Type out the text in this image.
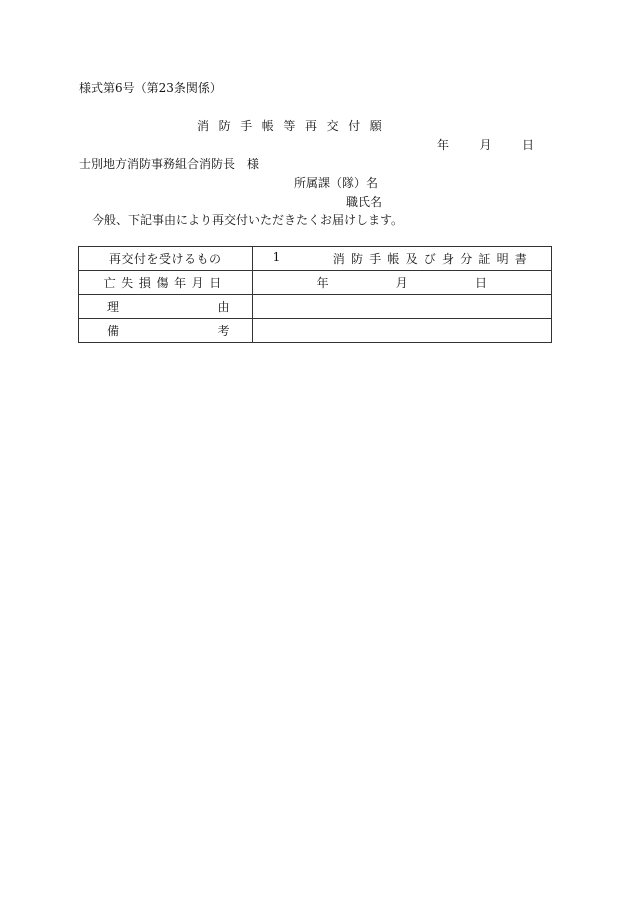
様式第6号（第23条関係）
消防手帳等再交付願
年	月	日
士別地方消防事務組合消防長　様
所属課（隊）名
職氏名
今般、下記事由により再交付いただきたくお届けします。
再交付を受けるもの	1 消防手帳及び身分証明書

亡失損傷年月日	年 月 日

理 由	

備 考	
